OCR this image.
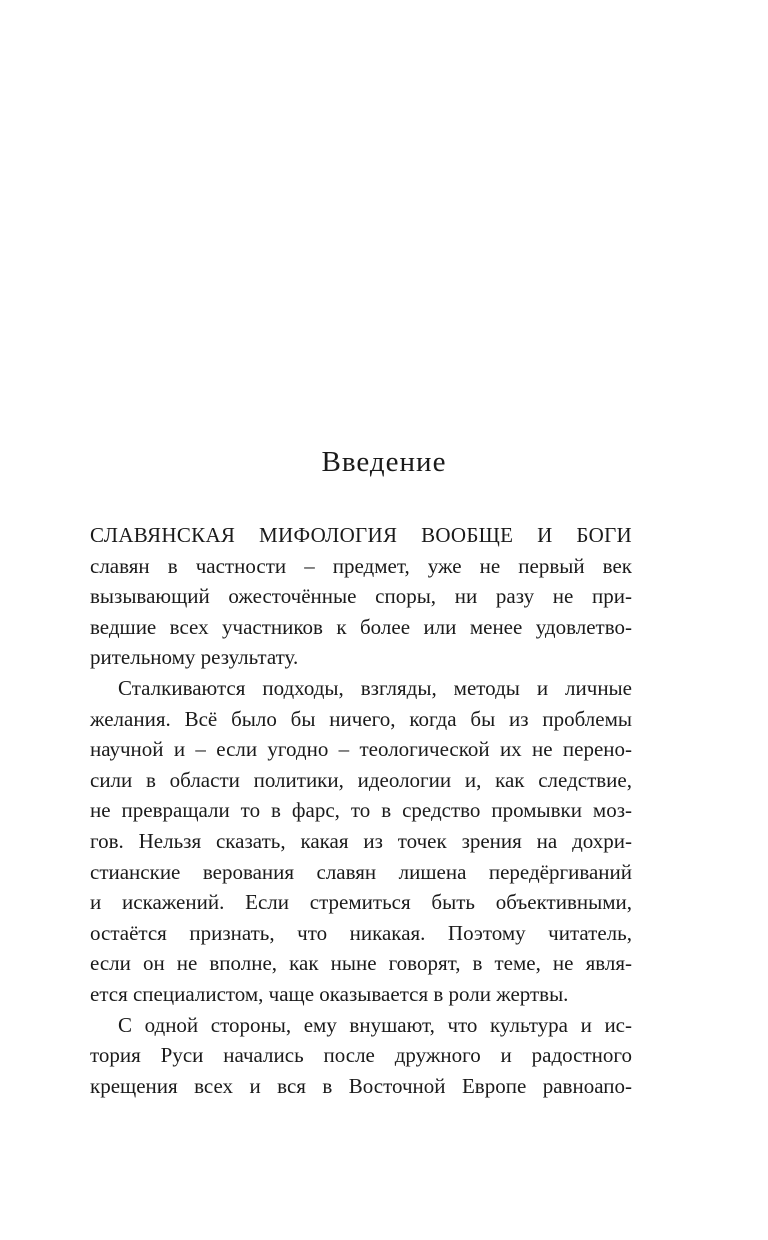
Введение
СЛАВЯНСКАЯ МИФОЛОГИЯ ВООБЩЕ И БОГИ
славян в частности – предмет, уже не первый век
вызывающий ожесточённые споры, ни разу не при-
ведшие всех участников к более или менее удовлетво-
рительному результату.
Сталкиваются подходы, взгляды, методы и личные
желания. Всё было бы ничего, когда бы из проблемы
научной и – если угодно – теологической их не перено-
сили в области политики, идеологии и, как следствие,
не превращали то в фарс, то в средство промывки моз-
гов. Нельзя сказать, какая из точек зрения на дохри-
стианские верования славян лишена передёргиваний
и искажений. Если стремиться быть объективными,
остаётся признать, что никакая. Поэтому читатель,
если он не вполне, как ныне говорят, в теме, не явля-
ется специалистом, чаще оказывается в роли жертвы.
С одной стороны, ему внушают, что культура и ис-
тория Руси начались после дружного и радостного
крещения всех и вся в Восточной Европе равноапо-
